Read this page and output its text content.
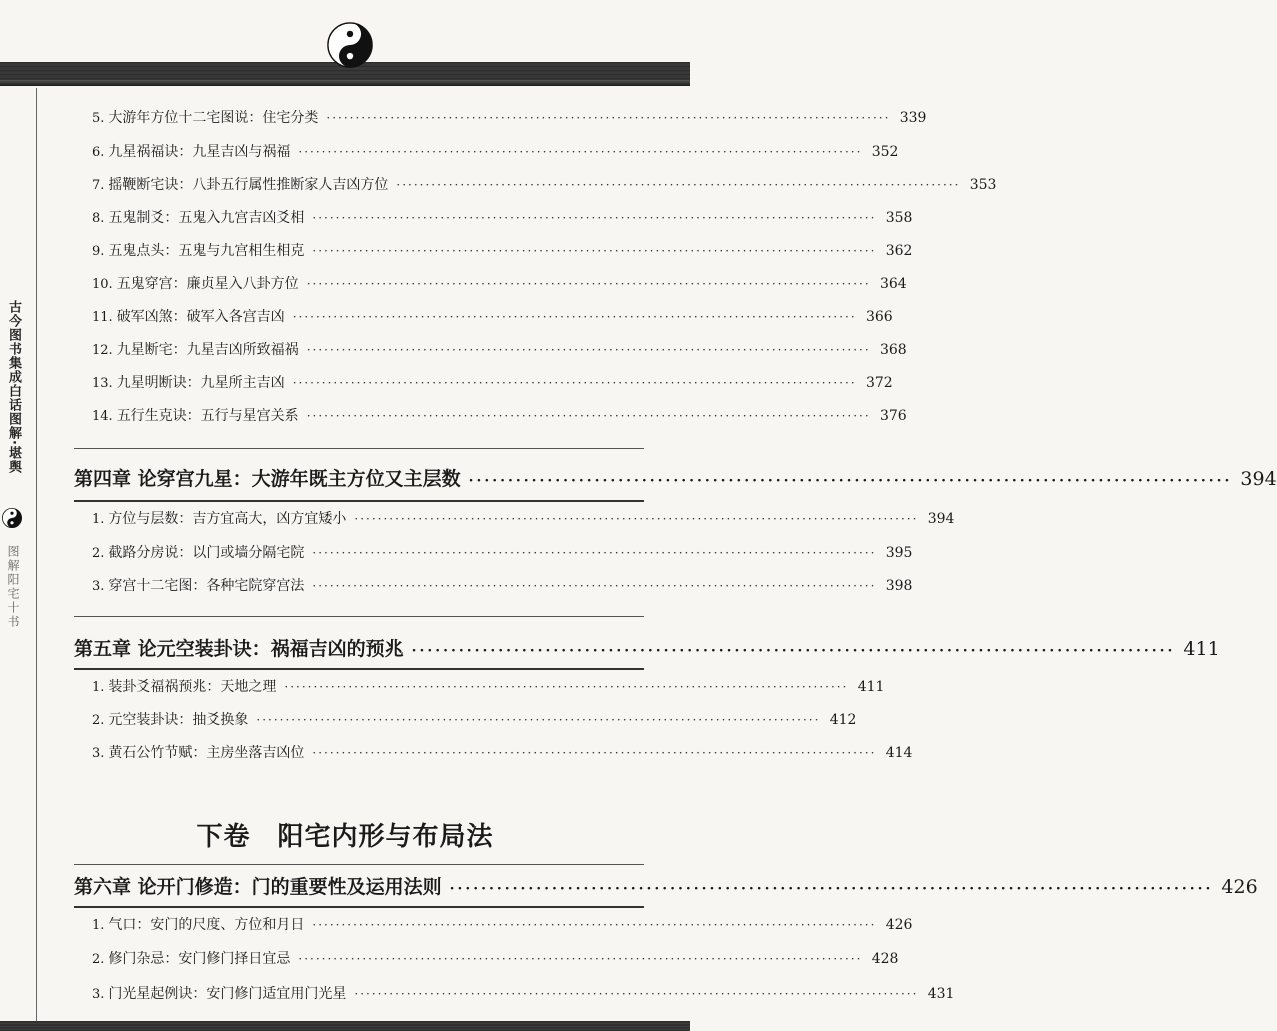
古今图书集成白话图解·堪舆
图解阳宅十书
5. 大游年方位十二宅图说：住宅分类 ································································································· 339
6. 九星祸福诀：九星吉凶与祸福 ································································································· 352
7. 摇鞭断宅诀：八卦五行属性推断家人吉凶方位 ································································································· 353
8. 五鬼制爻：五鬼入九宫吉凶爻相 ································································································· 358
9. 五鬼点头：五鬼与九宫相生相克 ································································································· 362
10. 五鬼穿宫：廉贞星入八卦方位 ································································································· 364
11. 破军凶煞：破军入各宫吉凶 ································································································· 366
12. 九星断宅：九星吉凶所致福祸 ································································································· 368
13. 九星明断诀：九星所主吉凶 ································································································· 372
14. 五行生克诀：五行与星宫关系 ································································································· 376
第四章 论穿宫九星：大游年既主方位又主层数 ································································································· 394
1. 方位与层数：吉方宜高大，凶方宜矮小 ································································································· 394
2. 截路分房说：以门或墙分隔宅院 ································································································· 395
3. 穿宫十二宅图：各种宅院穿宫法 ································································································· 398
第五章 论元空装卦诀：祸福吉凶的预兆 ································································································· 411
1. 装卦爻福祸预兆：天地之理 ································································································· 411
2. 元空装卦诀：抽爻换象 ································································································· 412
3. 黄石公竹节赋：主房坐落吉凶位 ································································································· 414
下卷　阳宅内形与布局法
第六章 论开门修造：门的重要性及运用法则 ································································································· 426
1. 气口：安门的尺度、方位和月日 ································································································· 426
2. 修门杂忌：安门修门择日宜忌 ································································································· 428
3. 门光星起例诀：安门修门适宜用门光星 ································································································· 431
